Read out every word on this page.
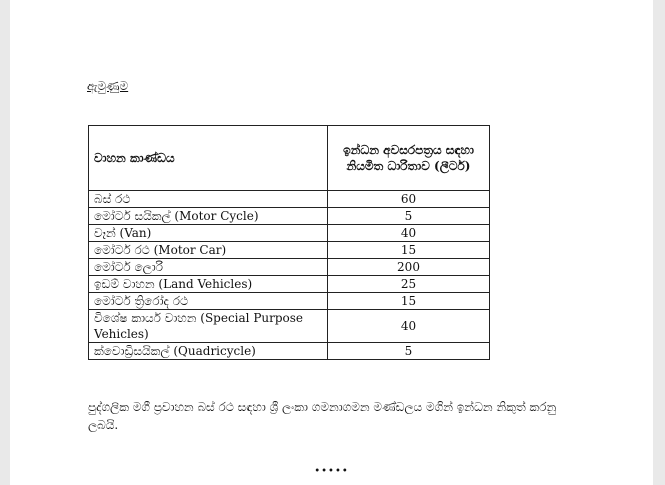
ඇමුණුම

වාහන කාණ්ඩය	ඉන්ධන අවසරපත්‍රය සඳහා නියමිත ධාරිතාව (ලීටර්)
බස් රථ	60
මෝටර් සයිකල් (Motor Cycle)	5
වෑන් (Van)	40
මෝටර් රථ (Motor Car)	15
මෝටර් ලොරි	200
ඉඩම් වාහන (Land Vehicles)	25
මෝටර් ත්‍රිරෝද රථ	15
විශේෂ කාර්ය වාහන (Special Purpose Vehicles)	40
ක්වොඩ්‍රිසයිකල් (Quadricycle)	5

පුද්ගලික මගී ප්‍රවාහන බස් රථ සඳහා ශ්‍රී ලංකා ගමනාගමන මණ්ඩලය මගින් ඉන්ධන නිකුත් කරනු ලබයි.

•••••
